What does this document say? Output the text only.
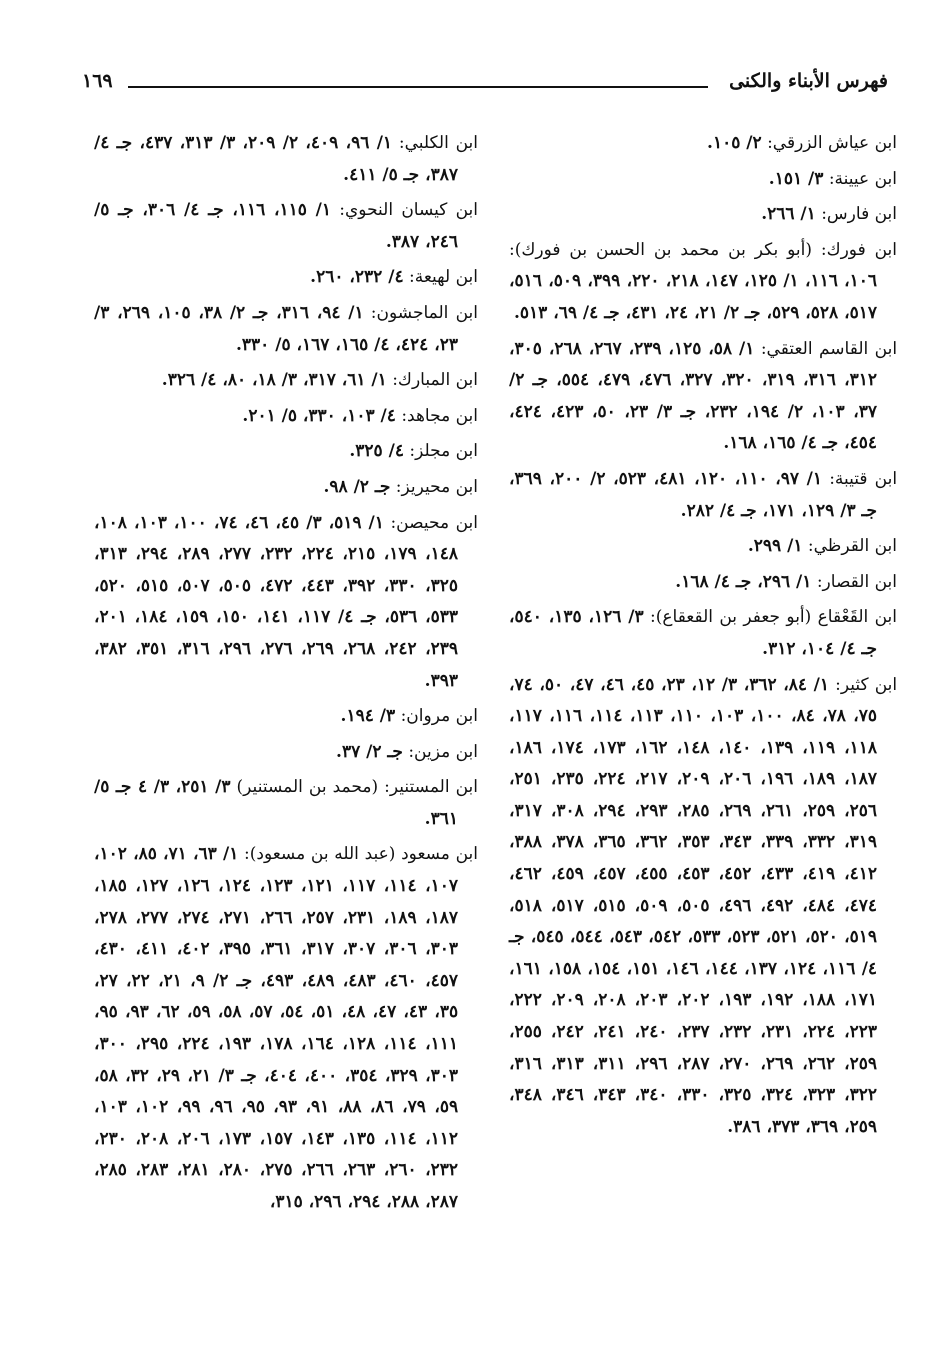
فهرس الأبناء والكنى
١٦٩

ابن عياش الزرقي: ٢/ ١٠٥.

ابن عيينة: ٣/ ١٥١.

ابن فارس: ١/ ٢٦٦.

ابن فورك: (أبو بكر بن محمد بن الحسن بن فورك): ١٠٦، ١١٦، ١/ ١٢٥، ١٤٧، ٢١٨، ٢٢٠، ٣٩٩، ٥٠٩، ٥١٦، ٥١٧، ٥٢٨، ٥٢٩، جـ ٢/ ٢١، ٢٤، ٤٣١، جـ ٤/ ٦٩، ٥١٣.

ابن القاسم العتقي: ١/ ٥٨، ١٢٥، ٢٣٩، ٢٦٧، ٢٦٨، ٣٠٥، ٣١٢، ٣١٦، ٣١٩، ٣٢٠، ٣٢٧، ٤٧٦، ٤٧٩، ٥٥٤، جـ ٢/ ٣٧، ١٠٣، ٢/ ١٩٤، ٢٣٢، جـ ٣/ ٢٣، ٥٠، ٤٢٣، ٤٢٤، ٤٥٤، جـ ٤/ ١٦٥، ١٦٨.

ابن قتيبة: ١/ ٩٧، ١١٠، ١٢٠، ٤٨١، ٥٢٣، ٢/ ٢٠٠، ٣٦٩، جـ ٣/ ١٢٩، ١٧١، جـ ٤/ ٢٨٢.

ابن القرظي: ١/ ٢٩٩.

ابن القصار: ١/ ٢٩٦، جـ ٤/ ١٦٨.

ابن القَعْقاع (أبو جعفر بن القعقاع): ٣/ ١٢٦، ١٣٥، ٥٤٠، جـ ٤/ ١٠٤، ٣١٢.

ابن كثير: ١/ ٨٤، ٣٦٢، ٣/ ١٢، ٢٣، ٤٥، ٤٦، ٤٧، ٥٠، ٧٤، ٧٥، ٧٨، ٨٤، ١٠٠، ١٠٣، ١١٠، ١١٣، ١١٤، ١١٦، ١١٧، ١١٨، ١١٩، ١٣٩، ١٤٠، ١٤٨، ١٦٢، ١٧٣، ١٧٤، ١٨٦، ١٨٧، ١٨٩، ١٩٦، ٢٠٦، ٢٠٩، ٢١٧، ٢٢٤، ٢٣٥، ٢٥١، ٢٥٦، ٢٥٩، ٢٦١، ٢٦٩، ٢٨٥، ٢٩٣، ٢٩٤، ٣٠٨، ٣١٧، ٣١٩، ٣٣٢، ٣٣٩، ٣٤٣، ٣٥٣، ٣٦٢، ٣٦٥، ٣٧٨، ٣٨٨، ٤١٢، ٤١٩، ٤٣٣، ٤٥٢، ٤٥٣، ٤٥٥، ٤٥٧، ٤٥٩، ٤٦٢، ٤٧٤، ٤٨٤، ٤٩٢، ٤٩٦، ٥٠٥، ٥٠٩، ٥١٥، ٥١٧، ٥١٨، ٥١٩، ٥٢٠، ٥٢١، ٥٢٣، ٥٣٣، ٥٤٢، ٥٤٣، ٥٤٤، ٥٤٥، جـ ٤/ ١١٦، ١٢٤، ١٣٧، ١٤٤، ١٤٦، ١٥١، ١٥٤، ١٥٨، ١٦١، ١٧١، ١٨٨، ١٩٢، ١٩٣، ٢٠٢، ٢٠٣، ٢٠٨، ٢٠٩، ٢٢٢، ٢٢٣، ٢٢٤، ٢٣١، ٢٣٢، ٢٣٧، ٢٤٠، ٢٤١، ٢٤٢، ٢٥٥، ٢٥٩، ٢٦٢، ٢٦٩، ٢٧٠، ٢٨٧، ٢٩٦، ٣١١، ٣١٣، ٣١٦، ٣٢٢، ٣٢٣، ٣٢٤، ٣٢٥، ٣٣٠، ٣٤٠، ٣٤٣، ٣٤٦، ٣٤٨، ٢٥٩، ٣٦٩، ٣٧٣، ٣٨٦.

ابن الكلبي: ١/ ٩٦، ٤٠٩، ٢/ ٢٠٩، ٣/ ٣١٣، ٤٣٧، جـ ٤/ ٣٨٧، جـ ٥/ ٤١١.

ابن كيسان النحوي: ١/ ١١٥، ١١٦، جـ ٤/ ٣٠٦، جـ ٥/ ٢٤٦، ٣٨٧.

ابن لهيعة: ٤/ ٢٣٢، ٢٦٠.

ابن الماجشون: ١/ ٩٤، ٣١٦، جـ ٢/ ٣٨، ١٠٥، ٢٦٩، ٣/ ٢٣، ٤٢٤، ٤/ ١٦٥، ١٦٧، ٥/ ٣٣٠.

ابن المبارك: ١/ ٦١، ٣١٧، ٣/ ١٨، ٨٠، ٤/ ٣٢٦.

ابن مجاهد: ٤/ ١٠٣، ٣٣٠، ٥/ ٢٠١.

ابن مجلز: ٤/ ٣٢٥.

ابن محيريز: جـ ٢/ ٩٨.

ابن محيصن: ١/ ٥١٩، ٣/ ٤٥، ٤٦، ٧٤، ١٠٠، ١٠٣، ١٠٨، ١٤٨، ١٧٩، ٢١٥، ٢٢٤، ٢٣٢، ٢٧٧، ٢٨٩، ٢٩٤، ٣١٣، ٣٢٥، ٣٣٠، ٣٩٢، ٤٤٣، ٤٧٢، ٥٠٥، ٥٠٧، ٥١٥، ٥٢٠، ٥٣٣، ٥٣٦، جـ ٤/ ١١٧، ١٤١، ١٥٠، ١٥٩، ١٨٤، ٢٠١، ٢٣٩، ٢٤٢، ٢٦٨، ٢٦٩، ٢٧٦، ٢٩٦، ٣١٦، ٣٥١، ٣٨٢، ٣٩٣.

ابن مروان: ٣/ ١٩٤.

ابن مزين: جـ ٢/ ٣٧.

ابن المستنير: (محمد بن المستنير) ٣/ ٢٥١، ٣/ ٤ جـ ٥/ ٣٦١.

ابن مسعود (عبد الله بن مسعود): ١/ ٦٣، ٧١، ٨٥، ١٠٢، ١٠٧، ١١٤، ١١٧، ١٢١، ١٢٣، ١٢٤، ١٢٦، ١٢٧، ١٨٥، ١٨٧، ١٨٩، ٢٣١، ٢٥٧، ٢٦٦، ٢٧١، ٢٧٤، ٢٧٧، ٢٧٨، ٣٠٣، ٣٠٦، ٣٠٧، ٣١٧، ٣٦١، ٣٩٥، ٤٠٢، ٤١١، ٤٣٠، ٤٥٧، ٤٦٠، ٤٨٣، ٤٨٩، ٤٩٣، جـ ٢/ ٩، ٢١، ٢٢، ٢٧، ٣٥، ٤٣، ٤٧، ٤٨، ٥١، ٥٤، ٥٧، ٥٨، ٥٩، ٦٢، ٩٣، ٩٥، ١١١، ١١٤، ١٢٨، ١٦٤، ١٧٨، ١٩٣، ٢٢٤، ٢٩٥، ٣٠٠، ٣٠٣، ٣٢٩، ٣٥٤، ٤٠٠، ٤٠٤، جـ ٣/ ٢١، ٢٩، ٣٢، ٥٨، ٥٩، ٧٩، ٨٦، ٨٨، ٩١، ٩٣، ٩٥، ٩٦، ٩٩، ١٠٢، ١٠٣، ١١٢، ١١٤، ١٣٥، ١٤٣، ١٥٧، ١٧٣، ٢٠٦، ٢٠٨، ٢٣٠، ٢٣٢، ٢٦٠، ٢٦٣، ٢٦٦، ٢٧٥، ٢٨٠، ٢٨١، ٢٨٣، ٢٨٥، ٢٨٧، ٢٨٨، ٢٩٤، ٢٩٦، ٣١٥،
